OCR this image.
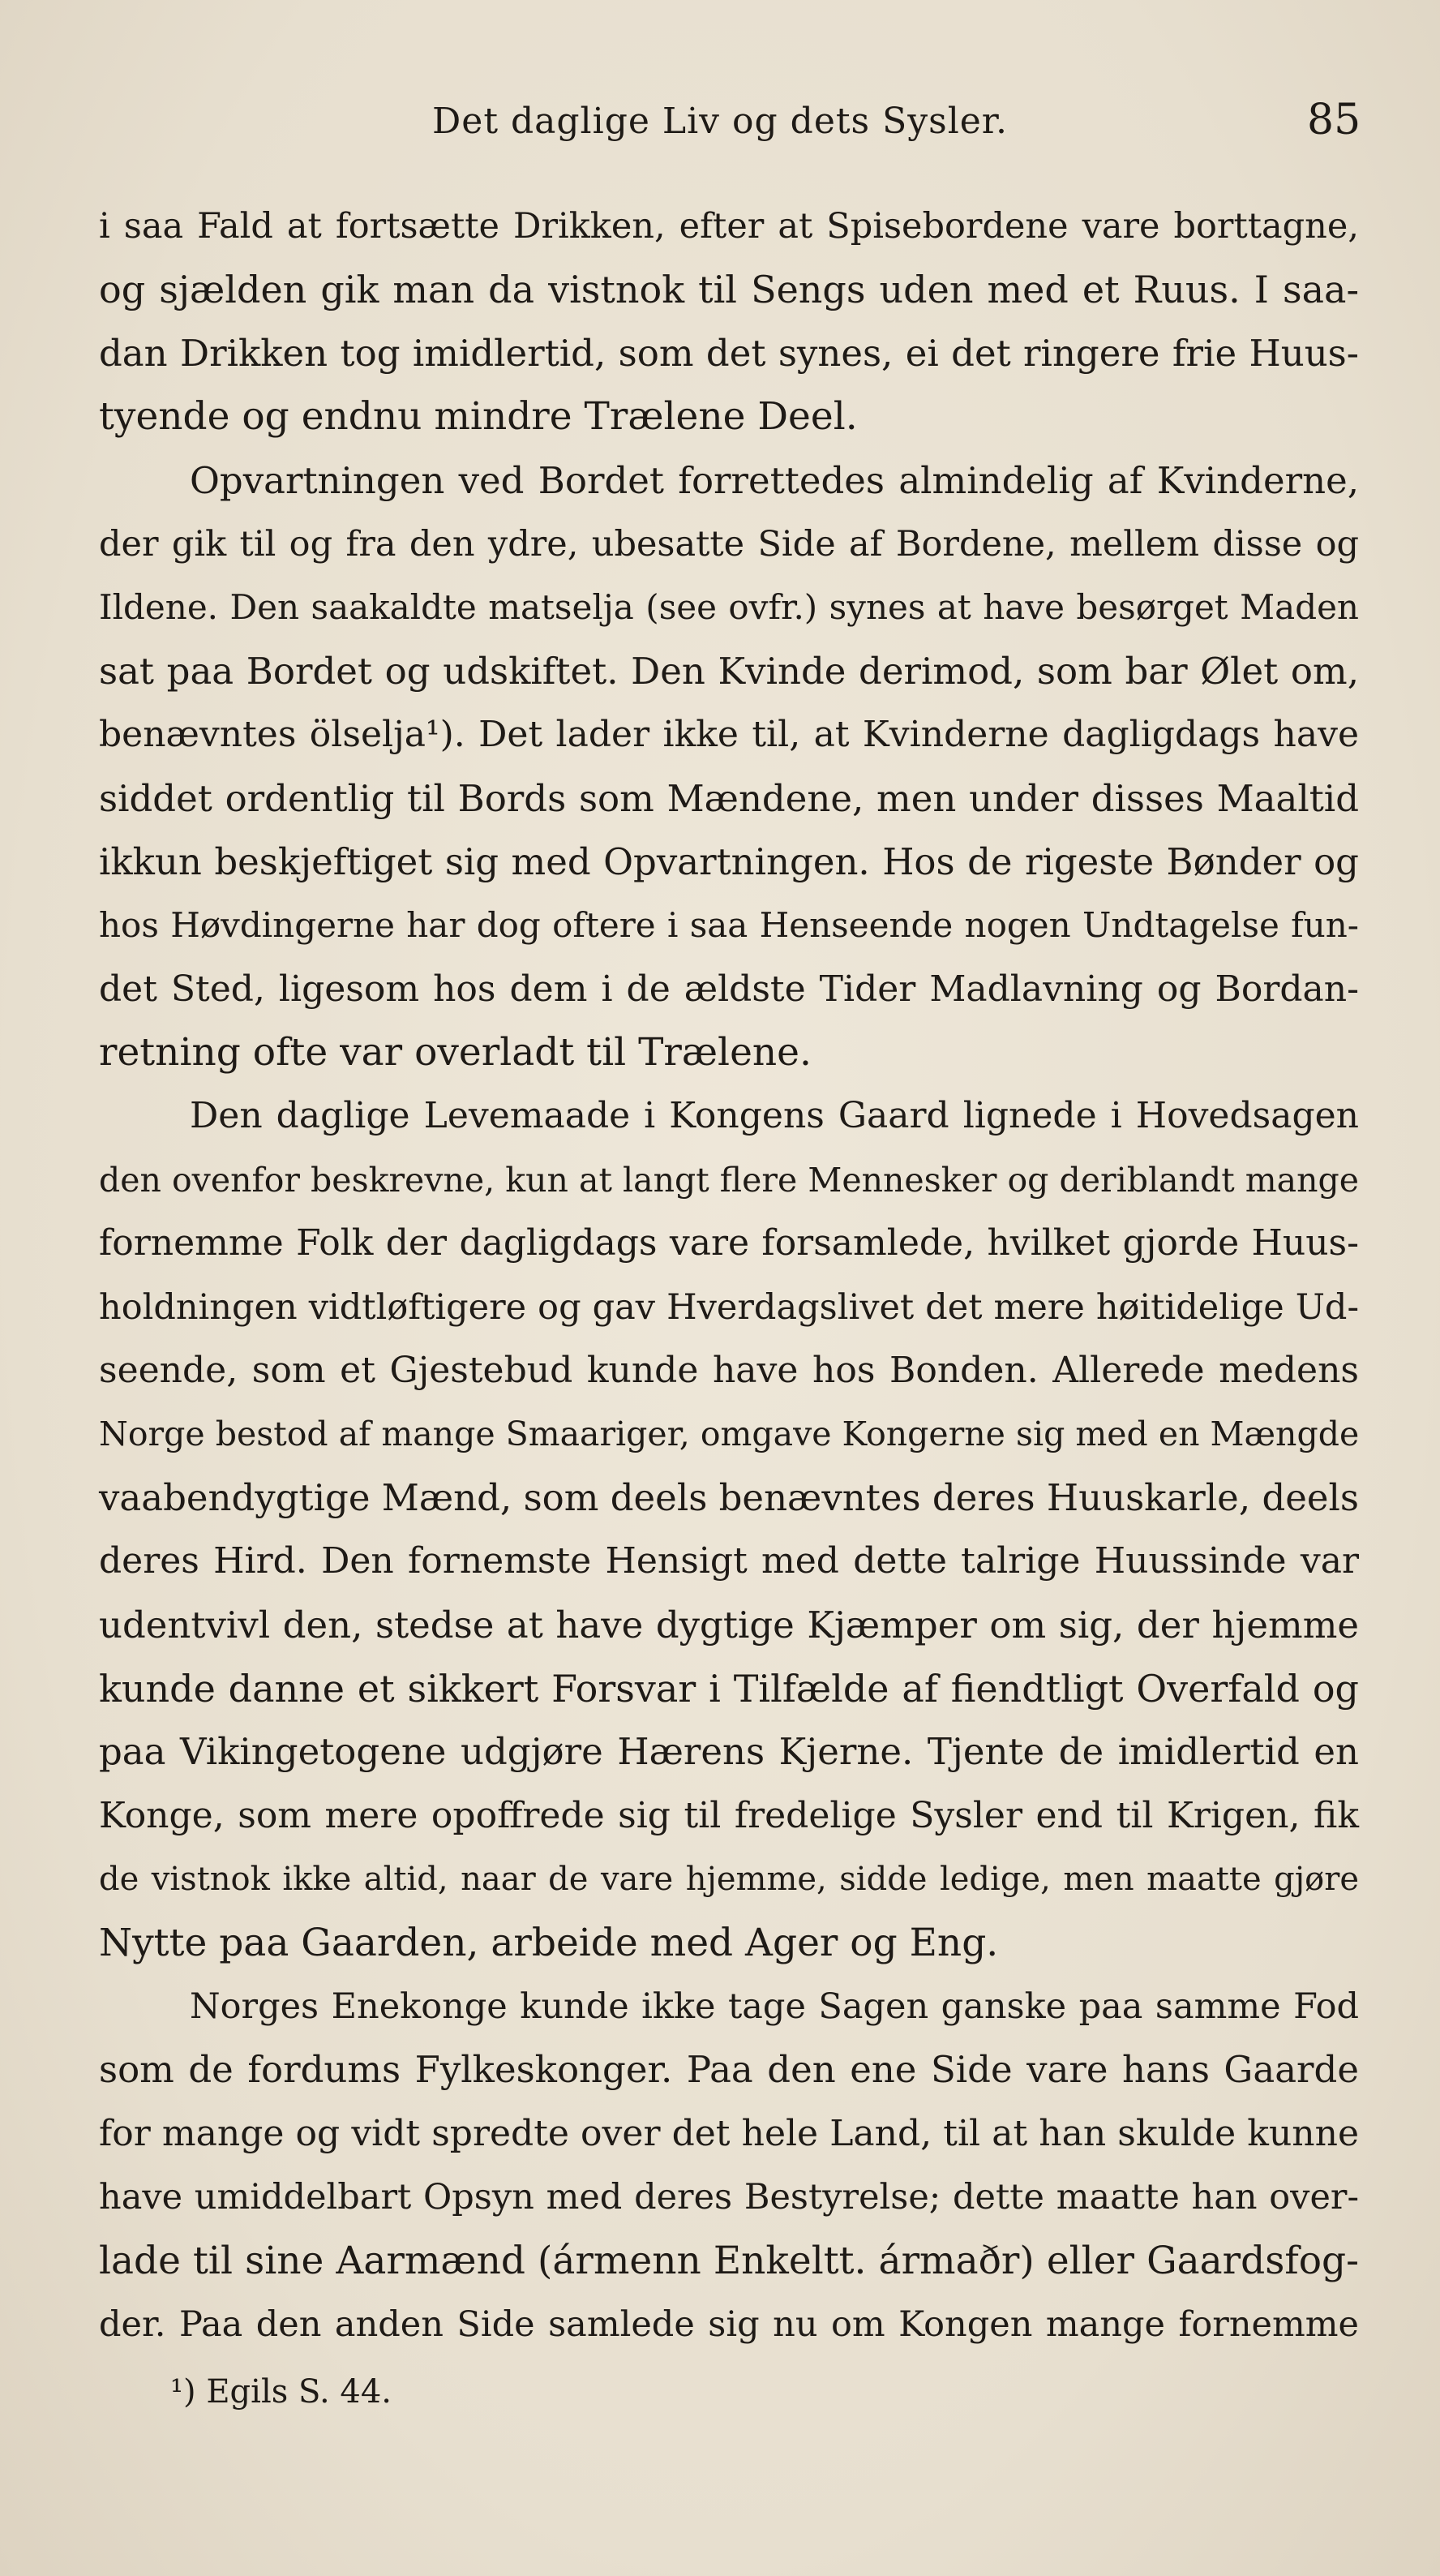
Det daglige Liv og dets Sysler.	85
i saa Fald at fortsætte Drikken, efter at Spisebordene vare borttagne,
og sjælden gik man da vistnok til Sengs uden med et Ruus. I saa-
dan Drikken tog imidlertid, som det synes, ei det ringere frie Huus-
tyende og endnu mindre Trælene Deel.
Opvartningen ved Bordet forrettedes almindelig af Kvinderne,
der gik til og fra den ydre, ubesatte Side af Bordene, mellem disse og
Ildene. Den saakaldte matselja (see ovfr.) synes at have besørget Maden
sat paa Bordet og udskiftet. Den Kvinde derimod, som bar Ølet om,
benævntes ölselja¹). Det lader ikke til, at Kvinderne dagligdags have
siddet ordentlig til Bords som Mændene, men under disses Maaltid
ikkun beskjeftiget sig med Opvartningen. Hos de rigeste Bønder og
hos Høvdingerne har dog oftere i saa Henseende nogen Undtagelse fun-
det Sted, ligesom hos dem i de ældste Tider Madlavning og Bordan-
retning ofte var overladt til Trælene.
Den daglige Levemaade i Kongens Gaard lignede i Hovedsagen
den ovenfor beskrevne, kun at langt flere Mennesker og deriblandt mange
fornemme Folk der dagligdags vare forsamlede, hvilket gjorde Huus-
holdningen vidtløftigere og gav Hverdagslivet det mere høitidelige Ud-
seende, som et Gjestebud kunde have hos Bonden. Allerede medens
Norge bestod af mange Smaariger, omgave Kongerne sig med en Mængde
vaabendygtige Mænd, som deels benævntes deres Huuskarle, deels
deres Hird. Den fornemste Hensigt med dette talrige Huussinde var
udentvivl den, stedse at have dygtige Kjæmper om sig, der hjemme
kunde danne et sikkert Forsvar i Tilfælde af fiendtligt Overfald og
paa Vikingetogene udgjøre Hærens Kjerne. Tjente de imidlertid en
Konge, som mere opoffrede sig til fredelige Sysler end til Krigen, fik
de vistnok ikke altid, naar de vare hjemme, sidde ledige, men maatte gjøre
Nytte paa Gaarden, arbeide med Ager og Eng.
Norges Enekonge kunde ikke tage Sagen ganske paa samme Fod
som de fordums Fylkeskonger. Paa den ene Side vare hans Gaarde
for mange og vidt spredte over det hele Land, til at han skulde kunne
have umiddelbart Opsyn med deres Bestyrelse; dette maatte han over-
lade til sine Aarmænd (ármenn Enkeltt. ármaðr) eller Gaardsfog-
der. Paa den anden Side samlede sig nu om Kongen mange fornemme
¹) Egils S. 44.
